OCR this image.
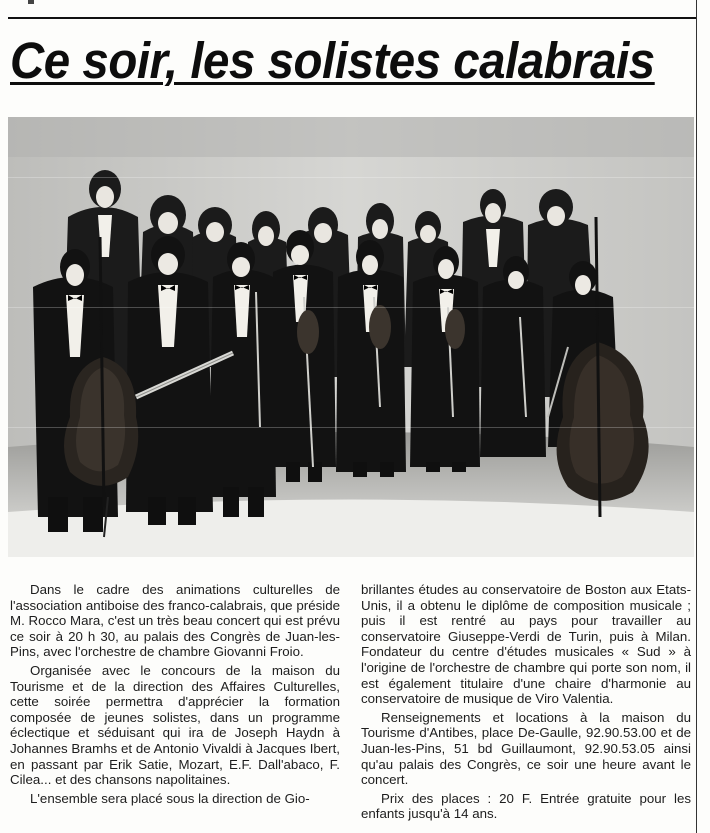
Ce soir, les solistes calabrais

Dans le cadre des animations culturelles de l'association antiboise des franco-calabrais, que préside M. Rocco Mara, c'est un très beau concert qui est prévu ce soir à 20 h 30, au palais des Congrès de Juan-les-Pins, avec l'orchestre de chambre Giovanni Froio.

Organisée avec le concours de la maison du Tourisme et de la direction des Affaires Culturelles, cette soirée permettra d'apprécier la formation composée de jeunes solistes, dans un programme éclectique et séduisant qui ira de Joseph Haydn à Johannes Bramhs et de Antonio Vivaldi à Jacques Ibert, en passant par Erik Satie, Mozart, E.F. Dall'abaco, F. Cilea... et des chansons napolitaines.

L'ensemble sera placé sous la direction de Gio-

brillantes études au conservatoire de Boston aux Etats-Unis, il a obtenu le diplôme de composition musicale ; puis il est rentré au pays pour travailler au conservatoire Giuseppe-Verdi de Turin, puis à Milan. Fondateur du centre d'études musicales « Sud » à l'origine de l'orchestre de chambre qui porte son nom, il est également titulaire d'une chaire d'harmonie au conservatoire de musique de Viro Valentia.

Renseignements et locations à la maison du Tourisme d'Antibes, place De-Gaulle, 92.90.53.00 et de Juan-les-Pins, 51 bd Guillaumont, 92.90.53.05 ainsi qu'au palais des Congrès, ce soir une heure avant le concert.

Prix des places : 20 F. Entrée gratuite pour les enfants jusqu'à 14 ans.
